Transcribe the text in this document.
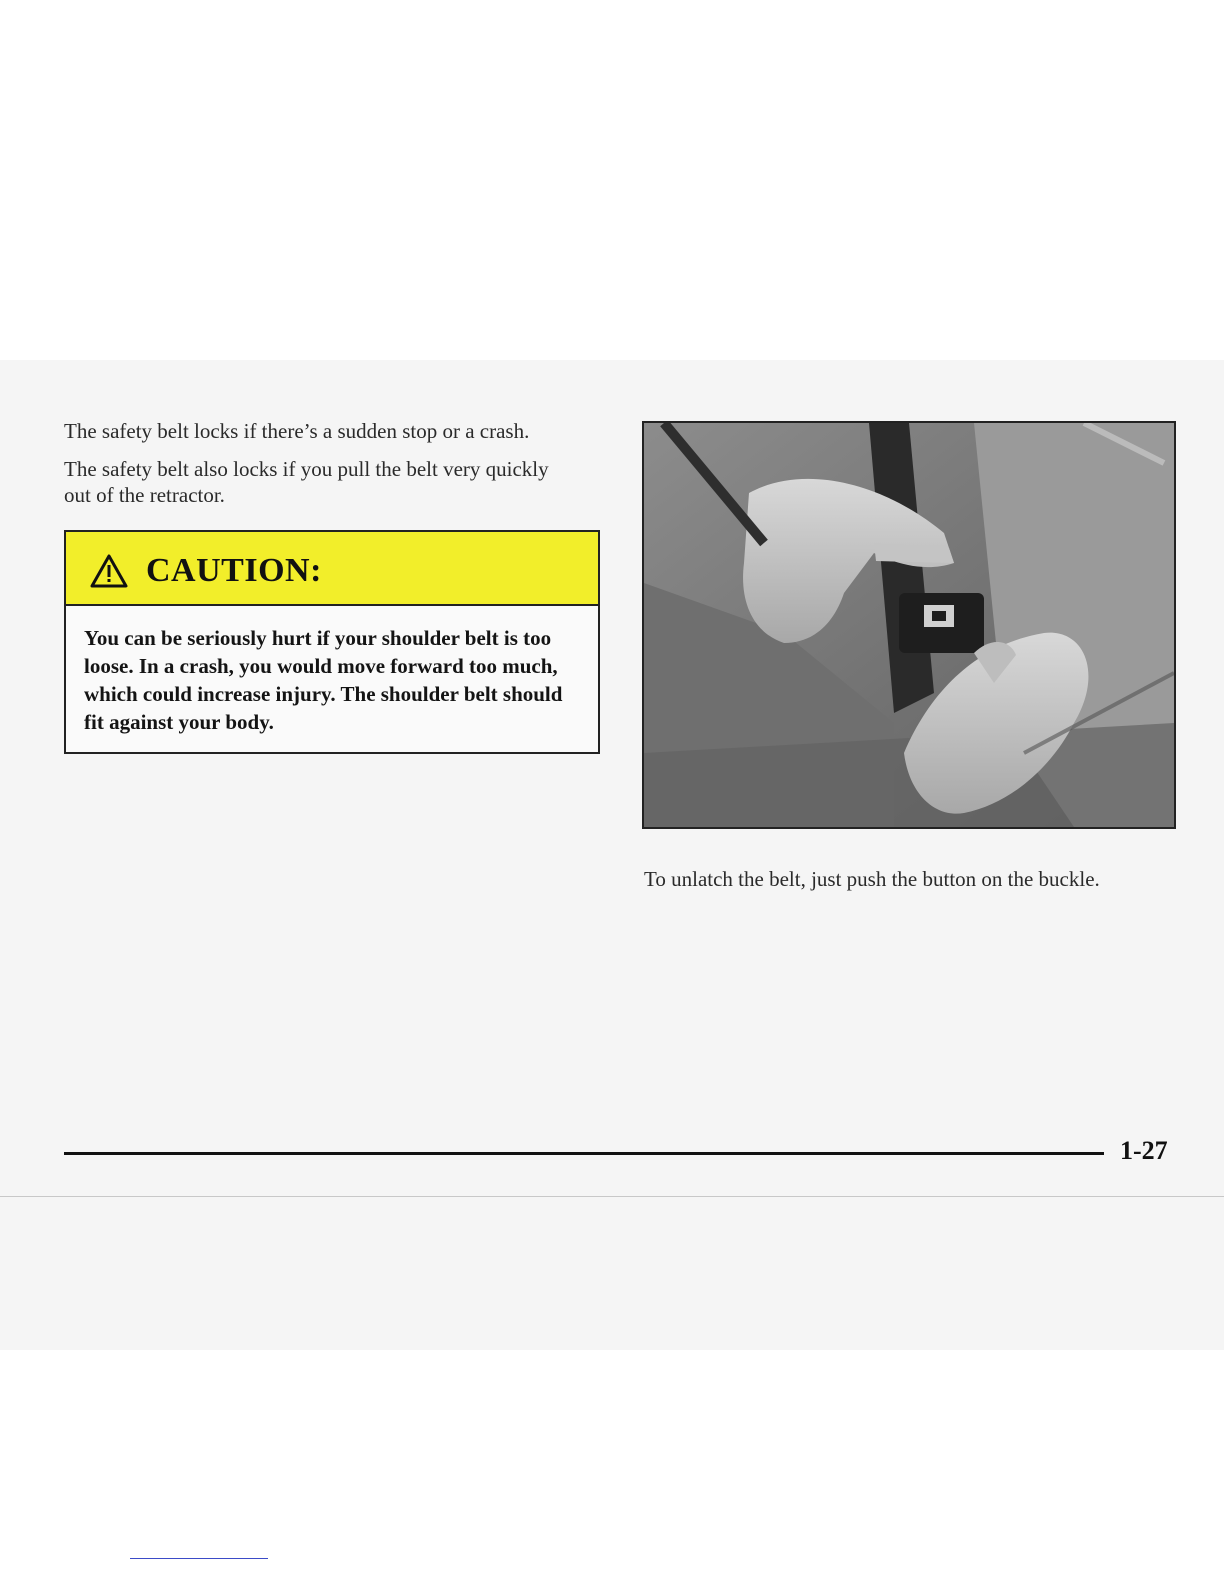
The safety belt locks if there’s a sudden stop or a crash.

The safety belt also locks if you pull the belt very quickly out of the retractor.

CAUTION:

You can be seriously hurt if your shoulder belt is too loose. In a crash, you would move forward too much, which could increase injury. The shoulder belt should fit against your body.

To unlatch the belt, just push the button on the buckle.

1-27
